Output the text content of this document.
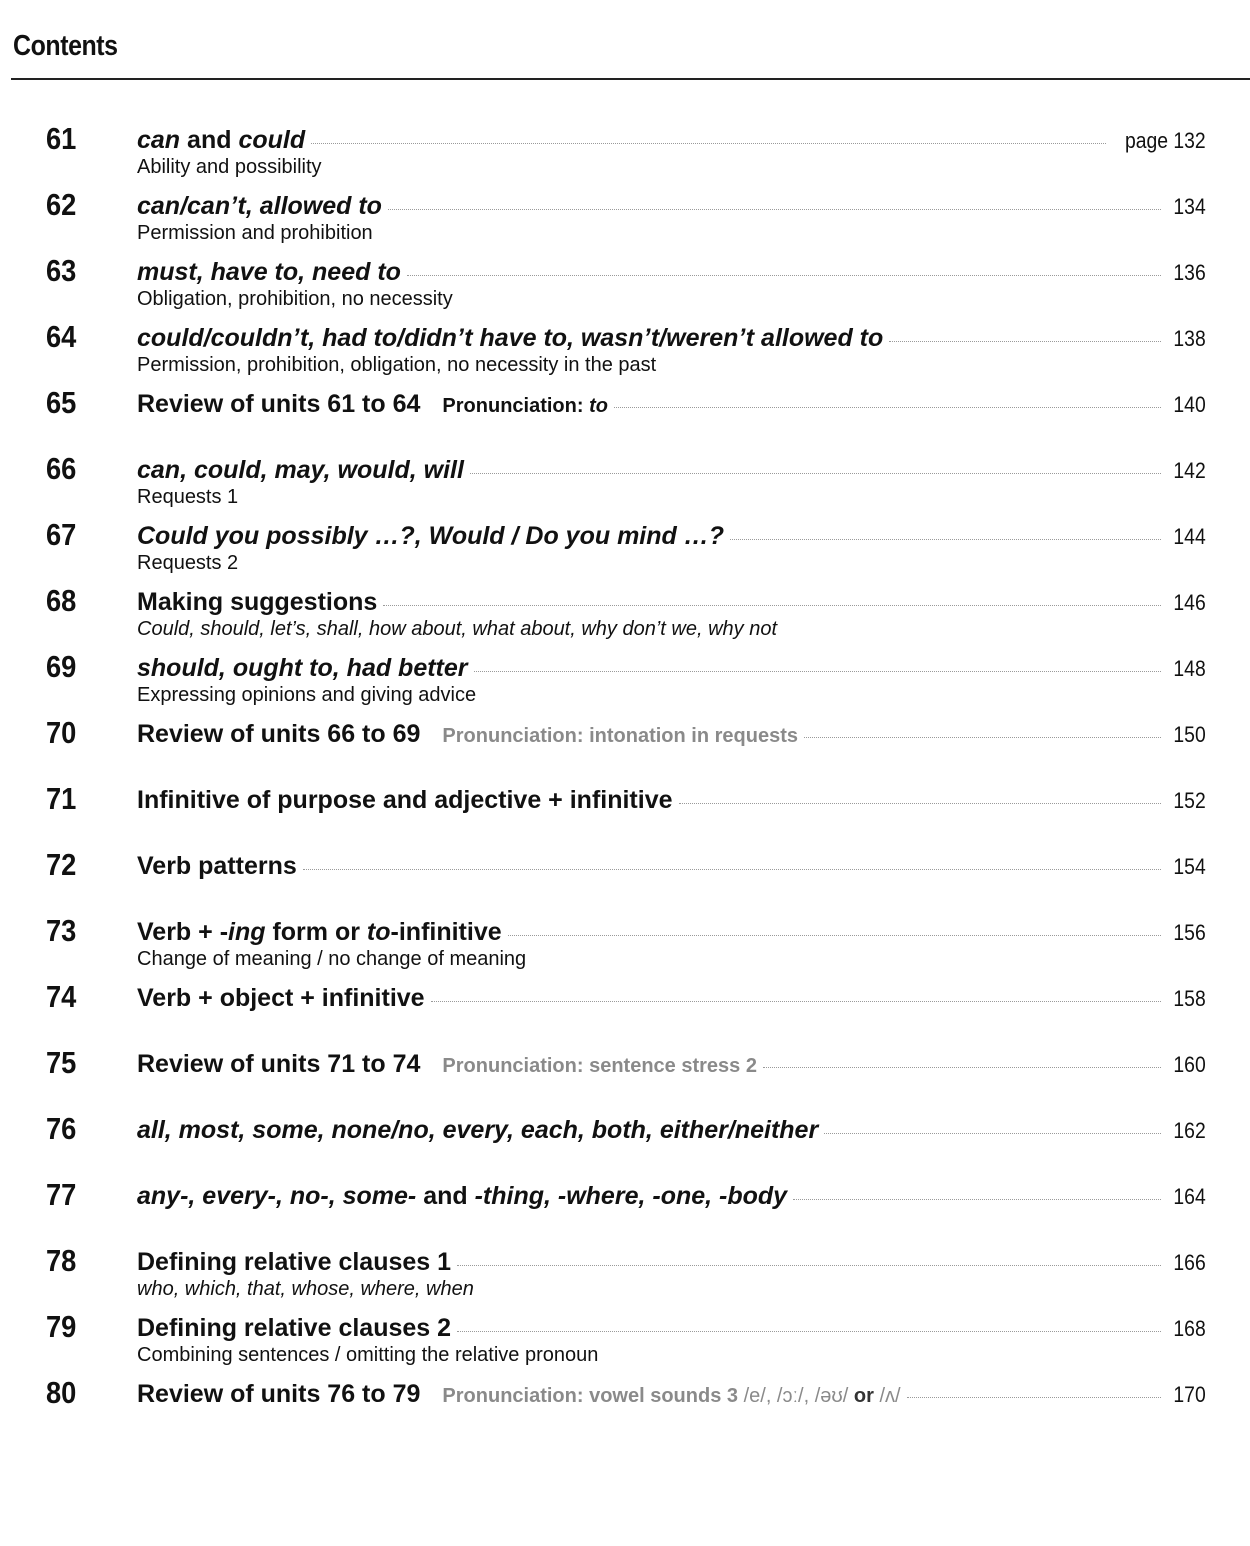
Contents
61	can and could	page 132
Ability and possibility
62	can/can’t, allowed to	134
Permission and prohibition
63	must, have to, need to	136
Obligation, prohibition, no necessity
64	could/couldn’t, had to/didn’t have to, wasn’t/weren’t allowed to	138
Permission, prohibition, obligation, no necessity in the past
65	Review of units 61 to 64 Pronunciation: to	140
66	can, could, may, would, will	142
Requests 1
67	Could you possibly …?, Would / Do you mind …?	144
Requests 2
68	Making suggestions	146
Could, should, let’s, shall, how about, what about, why don’t we, why not
69	should, ought to, had better	148
Expressing opinions and giving advice
70	Review of units 66 to 69 Pronunciation: intonation in requests	150
71	Infinitive of purpose and adjective + infinitive	152
72	Verb patterns	154
73	Verb + -ing form or to-infinitive	156
Change of meaning / no change of meaning
74	Verb + object + infinitive	158
75	Review of units 71 to 74 Pronunciation: sentence stress 2	160
76	all, most, some, none/no, every, each, both, either/neither	162
77	any-, every-, no-, some- and -thing, -where, -one, -body	164
78	Defining relative clauses 1	166
who, which, that, whose, where, when
79	Defining relative clauses 2	168
Combining sentences / omitting the relative pronoun
80	Review of units 76 to 79 Pronunciation: vowel sounds 3 /e/, /ɔː/, /əʊ/ or /ʌ/	170
